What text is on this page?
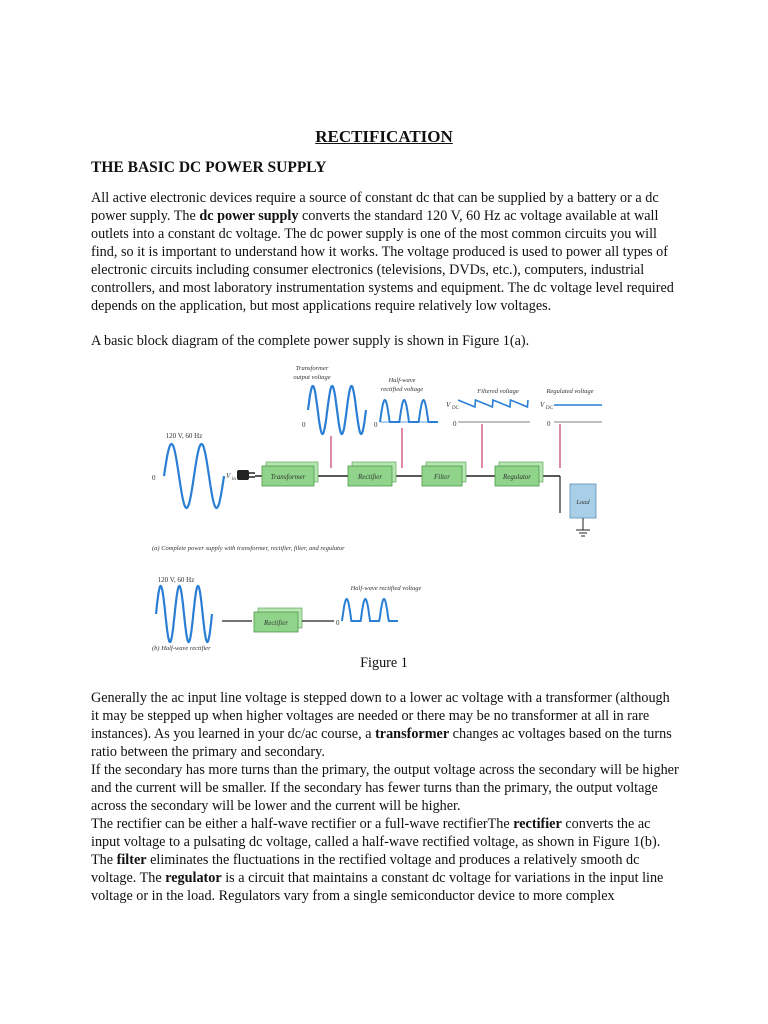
RECTIFICATION
THE BASIC DC POWER SUPPLY
All active electronic devices require a source of constant dc that can be supplied by a battery or a dc power supply. The dc power supply converts the standard 120 V, 60 Hz ac voltage available at wall outlets into a constant dc voltage. The dc power supply is one of the most common circuits you will find, so it is important to understand how it works. The voltage produced is used to power all types of electronic circuits including consumer electronics (televisions, DVDs, etc.), computers, industrial controllers, and most laboratory instrumentation systems and equipment. The dc voltage level required depends on the application, but most applications require relatively low voltages.
A basic block diagram of the complete power supply is shown in Figure 1(a).
Transformer
output voltage	Half-wave
rectified voltage	Filtered voltage	Regulated voltage
0	0
V DC
0
V DC
0
120 V, 60 Hz
0	V in	Transformer	Rectifier	Filter	Regulator
Load
(a) Complete power supply with transformer, rectifier, filter, and regulator
120 V, 60 Hz
Rectifier	0
Half-wave rectified voltage
(b) Half-wave rectifier
Figure 1
Generally the ac input line voltage is stepped down to a lower ac voltage with a transformer (although it may be stepped up when higher voltages are needed or there may be no transformer at all in rare instances). As you learned in your dc/ac course, a transformer changes ac voltages based on the turns ratio between the primary and secondary.
If the secondary has more turns than the primary, the output voltage across the secondary will be higher and the current will be smaller. If the secondary has fewer turns than the primary, the output voltage across the secondary will be lower and the current will be higher.
The rectifier can be either a half-wave rectifier or a full-wave rectifierThe rectifier converts the ac input voltage to a pulsating dc voltage, called a half-wave rectified voltage, as shown in Figure 1(b).
The filter eliminates the fluctuations in the rectified voltage and produces a relatively smooth dc voltage. The regulator is a circuit that maintains a constant dc voltage for variations in the input line voltage or in the load. Regulators vary from a single semiconductor device to more complex
